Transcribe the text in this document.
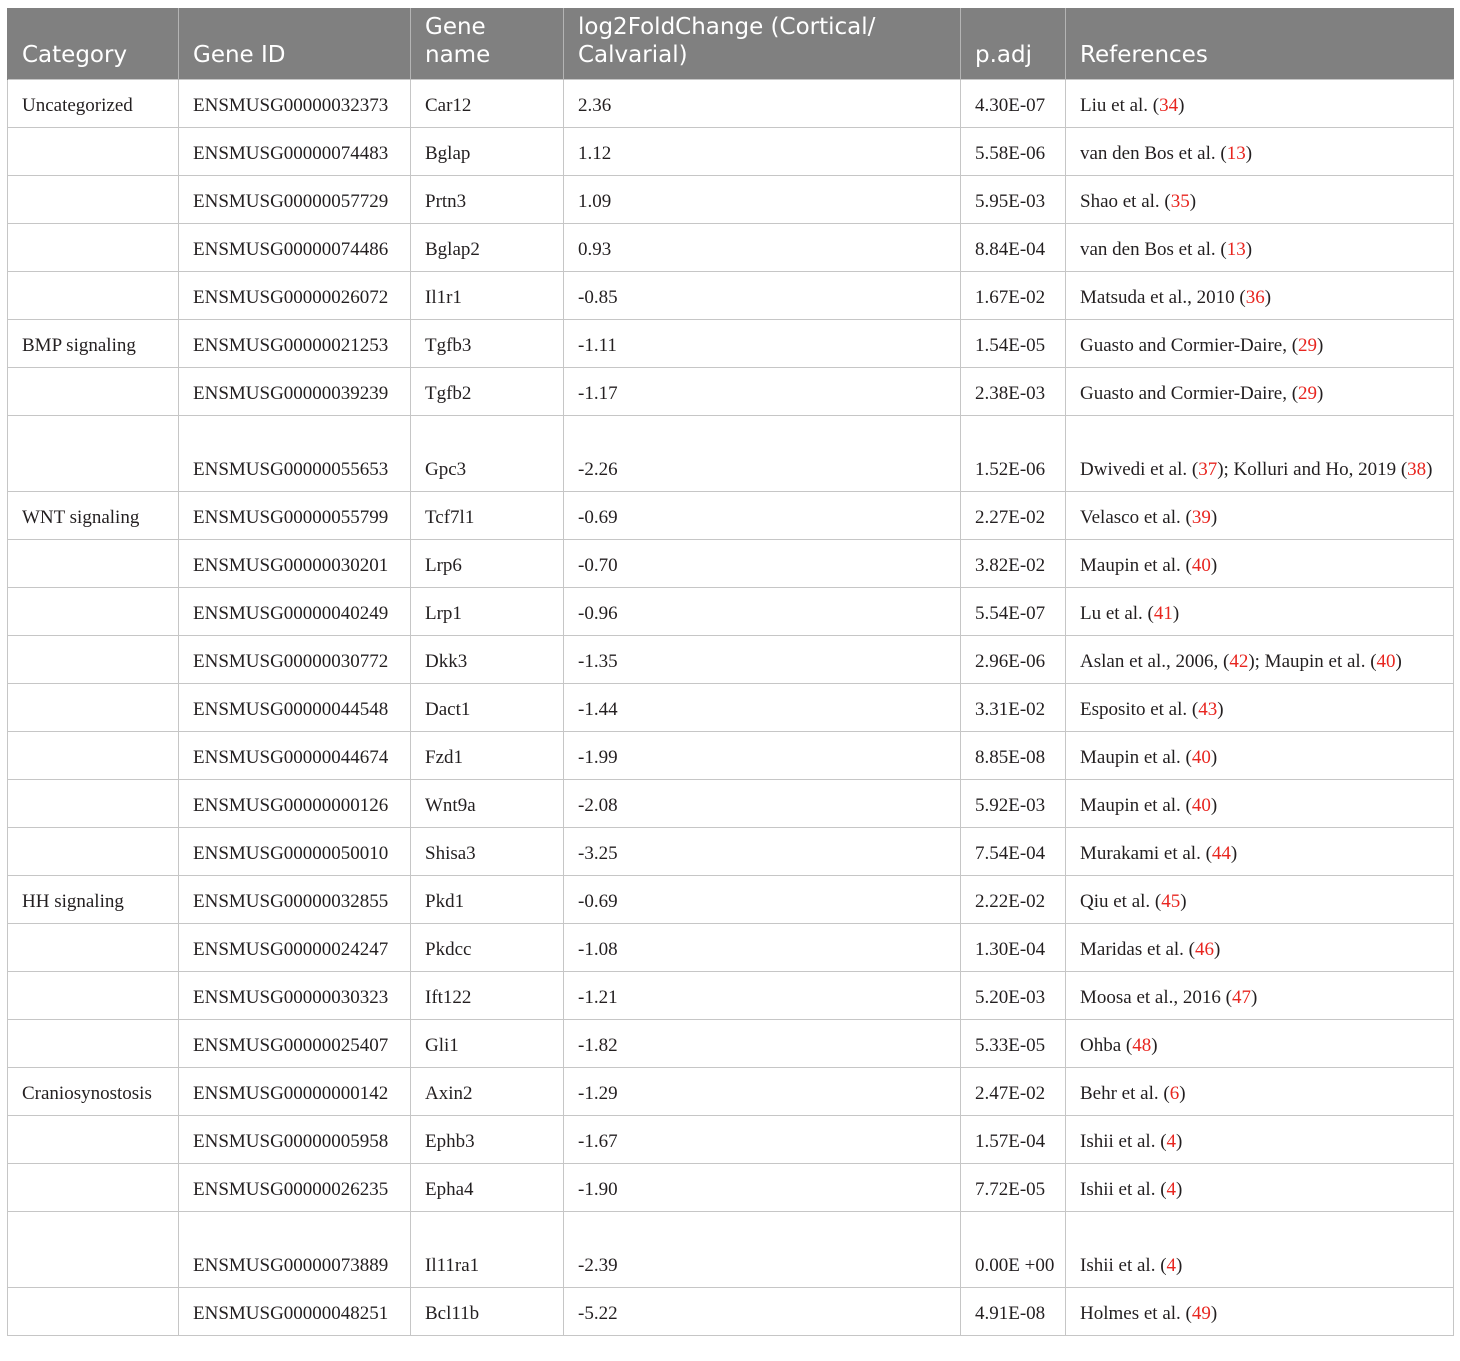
Category	Gene ID	Gene name	log2FoldChange (Cortical/ Calvarial)	p.adj	References
Uncategorized	ENSMUSG00000032373	Car12	2.36	4.30E-07	Liu et al. (34)
	ENSMUSG00000074483	Bglap	1.12	5.58E-06	van den Bos et al. (13)
	ENSMUSG00000057729	Prtn3	1.09	5.95E-03	Shao et al. (35)
	ENSMUSG00000074486	Bglap2	0.93	8.84E-04	van den Bos et al. (13)
	ENSMUSG00000026072	Il1r1	-0.85	1.67E-02	Matsuda et al., 2010 (36)
BMP signaling	ENSMUSG00000021253	Tgfb3	-1.11	1.54E-05	Guasto and Cormier-Daire, (29)
	ENSMUSG00000039239	Tgfb2	-1.17	2.38E-03	Guasto and Cormier-Daire, (29)
	ENSMUSG00000055653	Gpc3	-2.26	1.52E-06	Dwivedi et al. (37); Kolluri and Ho, 2019 (38)
WNT signaling	ENSMUSG00000055799	Tcf7l1	-0.69	2.27E-02	Velasco et al. (39)
	ENSMUSG00000030201	Lrp6	-0.70	3.82E-02	Maupin et al. (40)
	ENSMUSG00000040249	Lrp1	-0.96	5.54E-07	Lu et al. (41)
	ENSMUSG00000030772	Dkk3	-1.35	2.96E-06	Aslan et al., 2006, (42); Maupin et al. (40)
	ENSMUSG00000044548	Dact1	-1.44	3.31E-02	Esposito et al. (43)
	ENSMUSG00000044674	Fzd1	-1.99	8.85E-08	Maupin et al. (40)
	ENSMUSG00000000126	Wnt9a	-2.08	5.92E-03	Maupin et al. (40)
	ENSMUSG00000050010	Shisa3	-3.25	7.54E-04	Murakami et al. (44)
HH signaling	ENSMUSG00000032855	Pkd1	-0.69	2.22E-02	Qiu et al. (45)
	ENSMUSG00000024247	Pkdcc	-1.08	1.30E-04	Maridas et al. (46)
	ENSMUSG00000030323	Ift122	-1.21	5.20E-03	Moosa et al., 2016 (47)
	ENSMUSG00000025407	Gli1	-1.82	5.33E-05	Ohba (48)
Craniosynostosis	ENSMUSG00000000142	Axin2	-1.29	2.47E-02	Behr et al. (6)
	ENSMUSG00000005958	Ephb3	-1.67	1.57E-04	Ishii et al. (4)
	ENSMUSG00000026235	Epha4	-1.90	7.72E-05	Ishii et al. (4)
	ENSMUSG00000073889	Il11ra1	-2.39	0.00E +00	Ishii et al. (4)
	ENSMUSG00000048251	Bcl11b	-5.22	4.91E-08	Holmes et al. (49)
